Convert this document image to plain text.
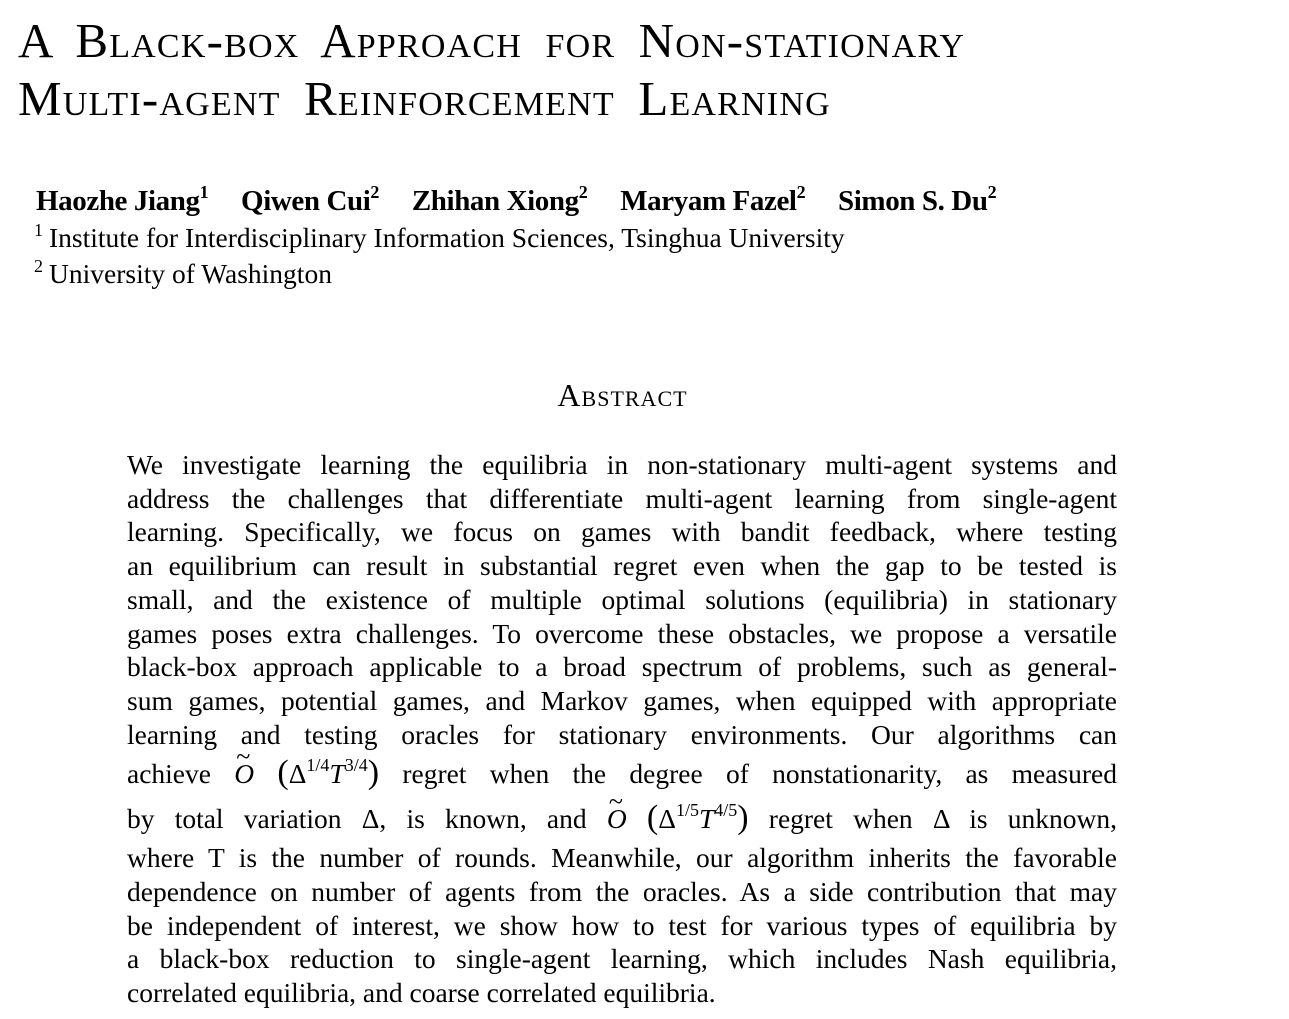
A Black-box Approach for Non-stationary
Multi-agent Reinforcement Learning
Haozhe Jiang$^1$ Qiwen Cui$^2$ Zhihan Xiong$^2$ Maryam Fazel$^2$ Simon S. Du$^2$
$^1$ Institute for Interdisciplinary Information Sciences, Tsinghua University
$^2$ University of Washington
Abstract
We investigate learning the equilibria in non-stationary multi-agent systems and
address the challenges that differentiate multi-agent learning from single-agent
learning. Specifically, we focus on games with bandit feedback, where testing
an equilibrium can result in substantial regret even when the gap to be tested is
small, and the existence of multiple optimal solutions (equilibria) in stationary
games poses extra challenges. To overcome these obstacles, we propose a versatile
black-box approach applicable to a broad spectrum of problems, such as general-
sum games, potential games, and Markov games, when equipped with appropriate
learning and testing oracles for stationary environments. Our algorithms can
achieve ~ O $(\Delta^{1/4}T^{3/4})$ regret when the degree of nonstationarity, as measured
by total variation Δ, is known, and ~ O $(\Delta^{1/5}T^{4/5})$ regret when Δ is unknown,
where T is the number of rounds. Meanwhile, our algorithm inherits the favorable
dependence on number of agents from the oracles. As a side contribution that may
be independent of interest, we show how to test for various types of equilibria by
a black-box reduction to single-agent learning, which includes Nash equilibria,
correlated equilibria, and coarse correlated equilibria.
